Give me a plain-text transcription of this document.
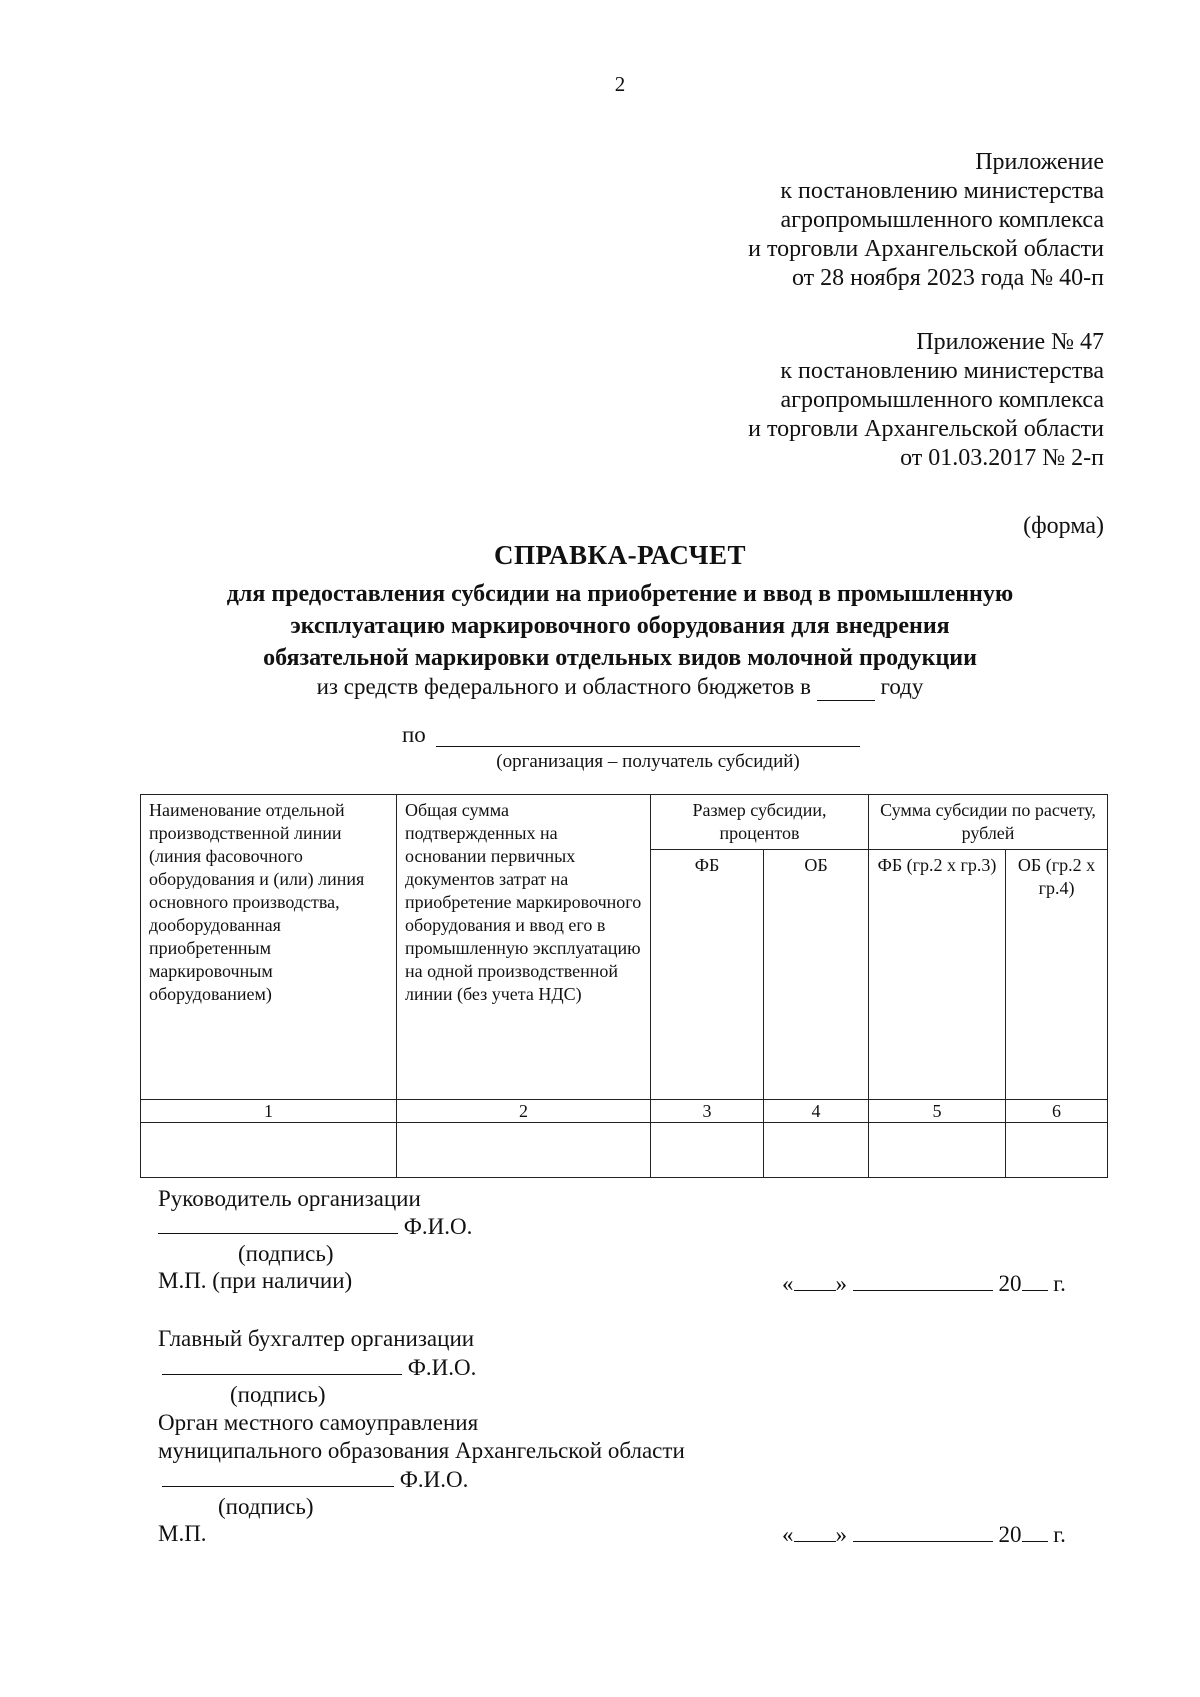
2
Приложение
к постановлению министерства
агропромышленного комплекса
и торговли Архангельской области
от 28 ноября 2023 года № 40-п
Приложение № 47
к постановлению министерства
агропромышленного комплекса
и торговли Архангельской области
от 01.03.2017 № 2-п
(форма)
СПРАВКА-РАСЧЕТ
для предоставления субсидии на приобретение и ввод в промышленную
эксплуатацию маркировочного оборудования для внедрения
обязательной маркировки отдельных видов молочной продукции
из средств федерального и областного бюджетов в	году
по
(организация – получатель субсидий)
Наименование отдельной производственной линии (линия фасовочного оборудования и (или) линия основного производства, дооборудованная приобретенным маркировочным оборудованием)	Общая сумма подтвержденных на основании первичных документов затрат на приобретение маркировочного оборудования и ввод его в промышленную эксплуатацию на одной производственной линии (без учета НДС)	Размер субсидии, процентов		Сумма субсидии по расчету, рублей	
		ФБ	ОБ	ФБ (гр.2 х гр.3)	ОБ (гр.2 х гр.4)
1	2	3	4	5	6

Руководитель организации
Ф.И.О.
(подпись)
М.П. (при наличии)	« »	20 г.
Главный бухгалтер организации
Ф.И.О.
(подпись)
Орган местного самоуправления
муниципального образования Архангельской области
Ф.И.О.
(подпись)
М.П.	« »	20 г.
